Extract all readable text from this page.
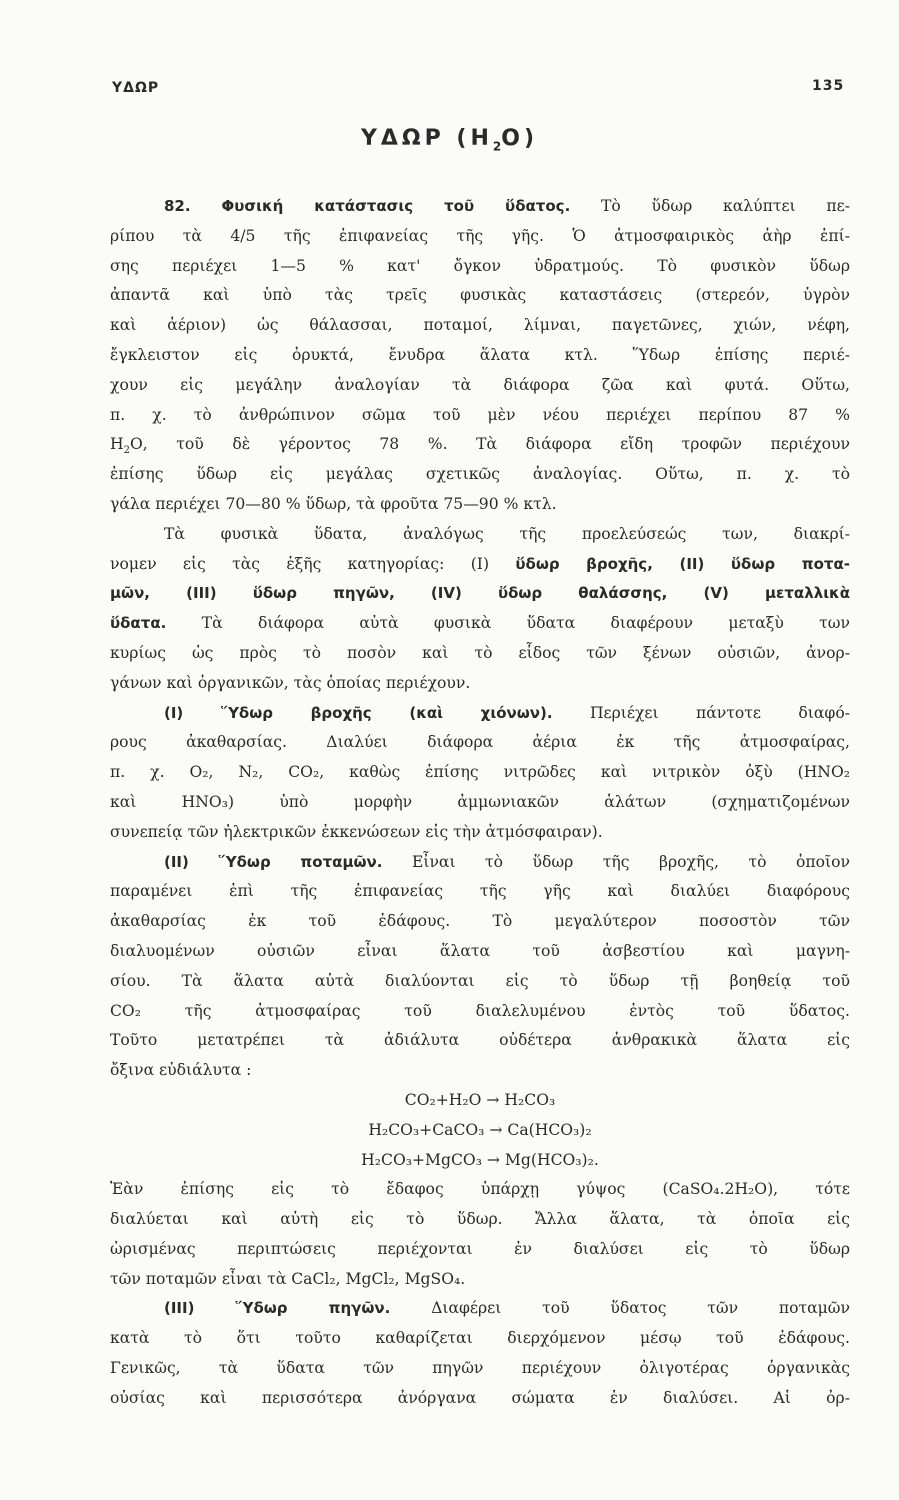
ΥΔΩΡ	135
ΥΔΩΡ $(H_2O)$
82. Φυσική κατάστασις τοῦ ὕδατος. Τὸ ὕδωρ καλύπτει πε-
ρίπου τὰ 4/5 τῆς ἐπιφανείας τῆς γῆς. Ὁ ἀτμοσφαιρικὸς ἀὴρ ἐπί-
σης περιέχει 1—5 % κατ' ὄγκον ὑδρατμούς. Τὸ φυσικὸν ὕδωρ
ἀπαντᾶ καὶ ὑπὸ τὰς τρεῖς φυσικὰς καταστάσεις (στερεόν, ὑγρὸν
καὶ ἀέριον) ὡς θάλασσαι, ποταμοί, λίμναι, παγετῶνες, χιών, νέφη,
ἔγκλειστον εἰς ὀρυκτά, ἔνυδρα ἅλατα κτλ. Ὕδωρ ἐπίσης περιέ-
χουν εἰς μεγάλην ἀναλογίαν τὰ διάφορα ζῶα καὶ φυτά. Οὕτω,
π. χ. τὸ ἀνθρώπινον σῶμα τοῦ μὲν νέου περιέχει περίπου 87 %
$H_2O$, τοῦ δὲ γέροντος 78 %. Τὰ διάφορα εἴδη τροφῶν περιέχουν
ἐπίσης ὕδωρ εἰς μεγάλας σχετικῶς ἀναλογίας. Οὕτω, π. χ. τὸ
γάλα περιέχει 70—80 % ὕδωρ, τὰ φροῦτα 75—90 % κτλ.
Τὰ φυσικὰ ὕδατα, ἀναλόγως τῆς προελεύσεώς των, διακρί-
νομεν εἰς τὰς ἑξῆς κατηγορίας: (I) ὕδωρ βροχῆς, (II) ὕδωρ ποτα-
μῶν, (III) ὕδωρ πηγῶν, (IV) ὕδωρ θαλάσσης, (V) μεταλλικὰ
ὕδατα. Τὰ διάφορα αὐτὰ φυσικὰ ὕδατα διαφέρουν μεταξὺ των
κυρίως ὡς πρὸς τὸ ποσὸν καὶ τὸ εἶδος τῶν ξένων οὐσιῶν, ἀνορ-
γάνων καὶ ὀργανικῶν, τὰς ὁποίας περιέχουν.
(I) Ὕδωρ βροχῆς (καὶ χιόνων). Περιέχει πάντοτε διαφό-
ρους ἀκαθαρσίας. Διαλύει διάφορα ἀέρια ἐκ τῆς ἀτμοσφαίρας,
π. χ. O₂, N₂, CO₂, καθὼς ἐπίσης νιτρῶδες καὶ νιτρικὸν ὀξὺ (HNO₂
καὶ HNO₃) ὑπὸ μορφὴν ἀμμωνιακῶν ἁλάτων (σχηματιζομένων
συνεπείᾳ τῶν ἠλεκτρικῶν ἐκκενώσεων εἰς τὴν ἀτμόσφαιραν).
(II) Ὕδωρ ποταμῶν. Εἶναι τὸ ὕδωρ τῆς βροχῆς, τὸ ὁποῖον
παραμένει ἐπὶ τῆς ἐπιφανείας τῆς γῆς καὶ διαλύει διαφόρους
ἀκαθαρσίας ἐκ τοῦ ἐδάφους. Τὸ μεγαλύτερον ποσοστὸν τῶν
διαλυομένων οὐσιῶν εἶναι ἅλατα τοῦ ἀσβεστίου καὶ μαγνη-
σίου. Τὰ ἅλατα αὐτὰ διαλύονται εἰς τὸ ὕδωρ τῇ βοηθείᾳ τοῦ
CO₂ τῆς ἀτμοσφαίρας τοῦ διαλελυμένου ἐντὸς τοῦ ὕδατος.
Τοῦτο μετατρέπει τὰ ἀδιάλυτα οὐδέτερα ἀνθρακικὰ ἅλατα εἰς
ὄξινα εὐδιάλυτα :
CO₂+H₂O → H₂CO₃
H₂CO₃+CaCO₃ → Ca(HCO₃)₂
H₂CO₃+MgCO₃ → Mg(HCO₃)₂.
Ἐὰν ἐπίσης εἰς τὸ ἔδαφος ὑπάρχῃ γύψος (CaSO₄.2H₂O), τότε
διαλύεται καὶ αὐτὴ εἰς τὸ ὕδωρ. Ἄλλα ἅλατα, τὰ ὁποῖα εἰς
ὡρισμένας περιπτώσεις περιέχονται ἐν διαλύσει εἰς τὸ ὕδωρ
τῶν ποταμῶν εἶναι τὰ CaCl₂, MgCl₂, MgSO₄.
(III) Ὕδωρ πηγῶν.	Διαφέρει τοῦ ὕδατος τῶν ποταμῶν
κατὰ τὸ ὅτι τοῦτο καθαρίζεται διερχόμενον μέσῳ τοῦ ἐδάφους.
Γενικῶς, τὰ ὕδατα τῶν πηγῶν περιέχουν ὀλιγοτέρας ὀργανικὰς
οὐσίας καὶ περισσότερα ἀνόργανα σώματα ἐν διαλύσει. Αἱ ὀρ-
